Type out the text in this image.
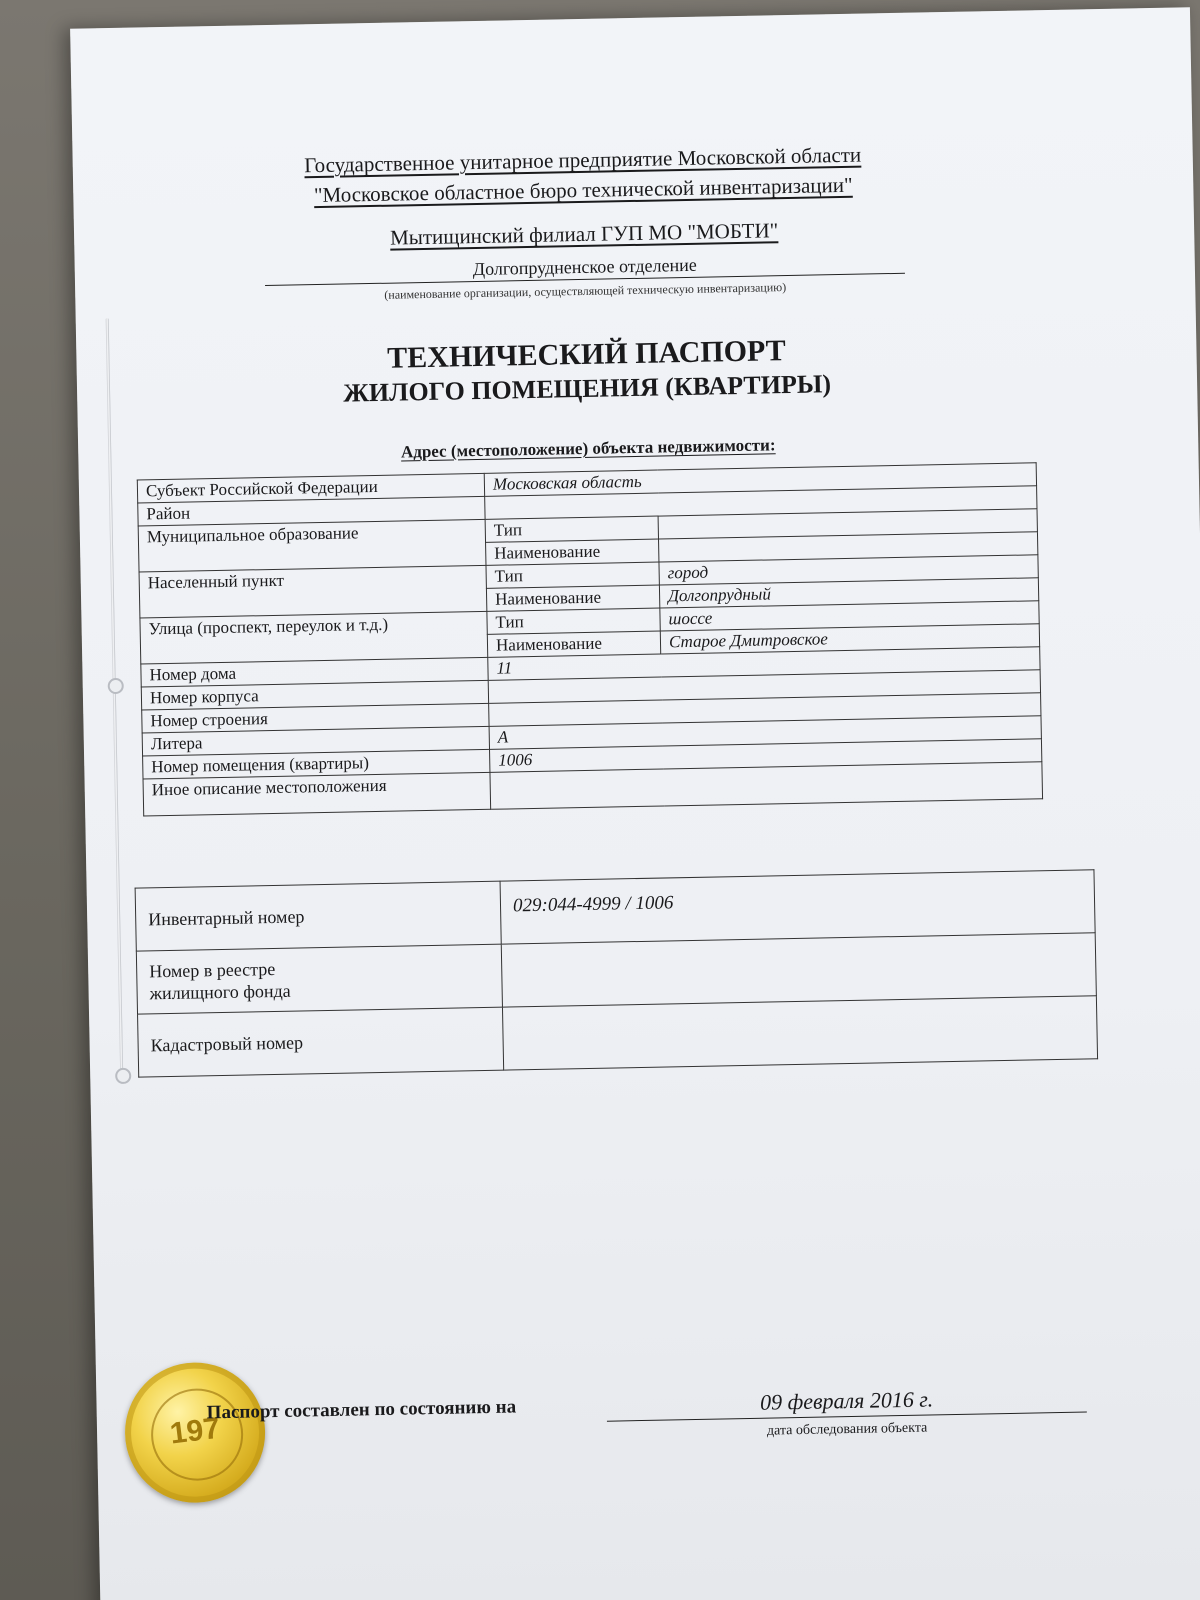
Государственное унитарное предприятие Московской области
"Московское областное бюро технической инвентаризации"
Мытищинский филиал ГУП МО "МОБТИ"
Долгопрудненское отделение
(наименование организации, осуществляющей техническую инвентаризацию)
ТЕХНИЧЕСКИЙ ПАСПОРТ
ЖИЛОГО ПОМЕЩЕНИЯ (КВАРТИРЫ)
Адрес (местоположение) объекта недвижимости:
Субъект Российской Федерации	Московская область	
Район		
Муниципальное образование	Тип	
	Наименование	
Населенный пункт	Тип	город
	Наименование	Долгопрудный
Улица (проспект, переулок и т.д.)	Тип	шоссе
	Наименование	Старое Дмитровское
Номер дома	11	
Номер корпуса		
Номер строения		
Литера	А	
Номер помещения (квартиры)	1006	
Иное описание местоположения		
Инвентарный номер	029:044-4999 / 1006

Номер в реестре
жилищного фонда	

Кадастровый номер	
197
Паспорт составлен по состоянию на	09 февраля 2016 г.
дата обследования объекта
